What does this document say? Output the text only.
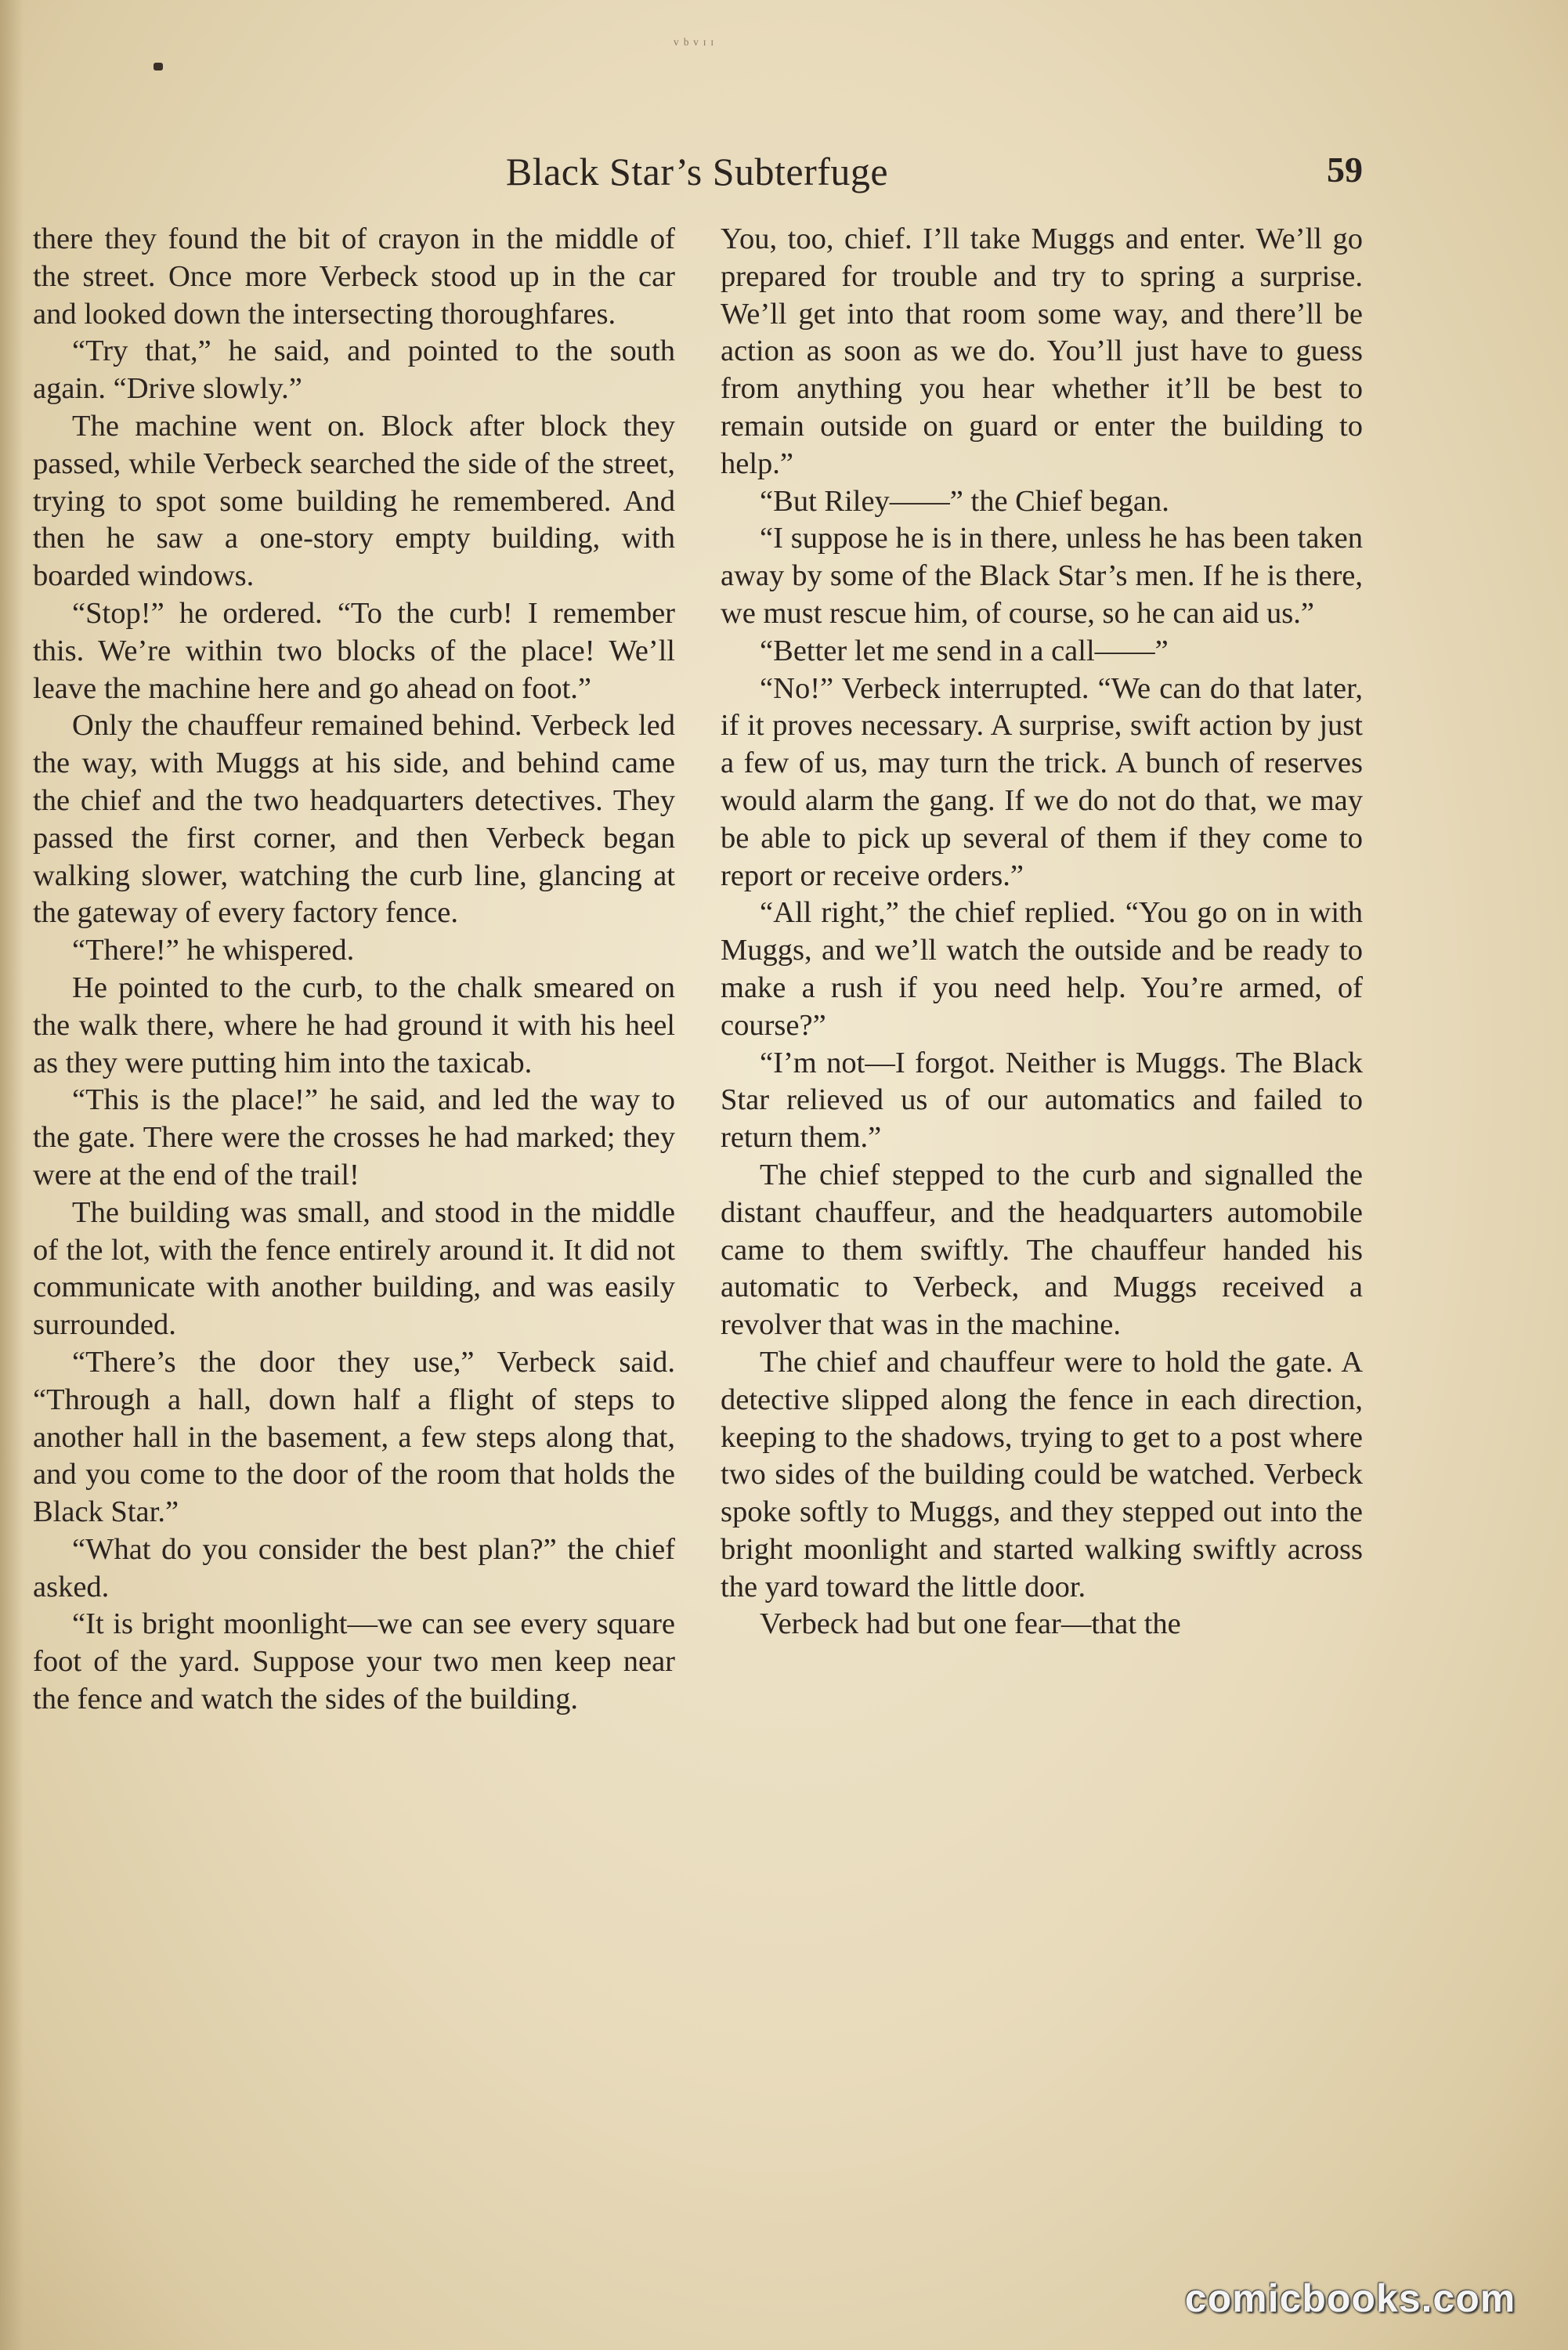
ᵛᵇᵛᶦᶦ
Black Star’s Subterfuge	59

there they found the bit of crayon in the middle of the street. Once more Verbeck stood up in the car and looked down the intersecting thoroughfares.

“Try that,” he said, and pointed to the south again. “Drive slowly.”

The machine went on. Block after block they passed, while Verbeck searched the side of the street, trying to spot some building he remembered. And then he saw a one-story empty building, with boarded windows.

“Stop!” he ordered. “To the curb! I remember this. We’re within two blocks of the place! We’ll leave the machine here and go ahead on foot.”

Only the chauffeur remained behind. Verbeck led the way, with Muggs at his side, and behind came the chief and the two headquarters detectives. They passed the first corner, and then Verbeck began walking slower, watching the curb line, glancing at the gateway of every factory fence.

“There!” he whispered.

He pointed to the curb, to the chalk smeared on the walk there, where he had ground it with his heel as they were putting him into the taxicab.

“This is the place!” he said, and led the way to the gate. There were the crosses he had marked; they were at the end of the trail!

The building was small, and stood in the middle of the lot, with the fence entirely around it. It did not communicate with another building, and was easily surrounded.

“There’s the door they use,” Verbeck said. “Through a hall, down half a flight of steps to another hall in the basement, a few steps along that, and you come to the door of the room that holds the Black Star.”

“What do you consider the best plan?” the chief asked.

“It is bright moonlight—we can see every square foot of the yard. Suppose your two men keep near the fence and watch the sides of the building.

You, too, chief. I’ll take Muggs and enter. We’ll go prepared for trouble and try to spring a surprise. We’ll get into that room some way, and there’ll be action as soon as we do. You’ll just have to guess from anything you hear whether it’ll be best to remain outside on guard or enter the building to help.”

“But Riley——” the Chief began.

“I suppose he is in there, unless he has been taken away by some of the Black Star’s men. If he is there, we must rescue him, of course, so he can aid us.”

“Better let me send in a call——”

“No!” Verbeck interrupted. “We can do that later, if it proves necessary. A surprise, swift action by just a few of us, may turn the trick. A bunch of reserves would alarm the gang. If we do not do that, we may be able to pick up several of them if they come to report or receive orders.”

“All right,” the chief replied. “You go on in with Muggs, and we’ll watch the outside and be ready to make a rush if you need help. You’re armed, of course?”

“I’m not—I forgot. Neither is Muggs. The Black Star relieved us of our automatics and failed to return them.”

The chief stepped to the curb and signalled the distant chauffeur, and the headquarters automobile came to them swiftly. The chauffeur handed his automatic to Verbeck, and Muggs received a revolver that was in the machine.

The chief and chauffeur were to hold the gate. A detective slipped along the fence in each direction, keeping to the shadows, trying to get to a post where two sides of the building could be watched. Verbeck spoke softly to Muggs, and they stepped out into the bright moonlight and started walking swiftly across the yard toward the little door.

Verbeck had but one fear—that the

comicbooks.com
